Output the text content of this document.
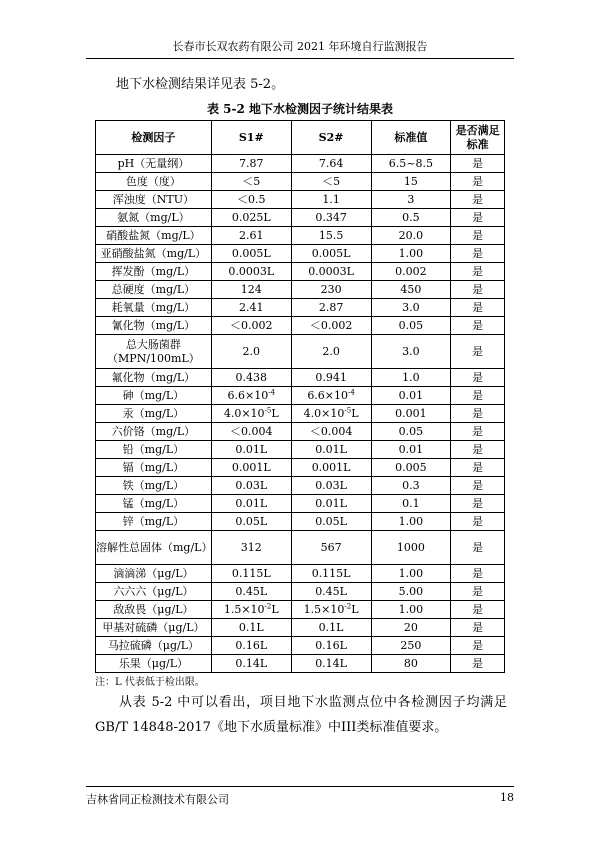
长春市长双农药有限公司 2021 年环境自行监测报告
地下水检测结果详见表 5-2。
表 5-2 地下水检测因子统计结果表
检测因子	S1#	S2#	标准值	是否满足标准
pH（无量纲）	7.87	7.64	6.5~8.5	是
色度（度）	＜5	＜5	15	是
浑浊度（NTU）	＜0.5	1.1	3	是
氨氮（mg/L）	0.025L	0.347	0.5	是
硝酸盐氮（mg/L）	2.61	15.5	20.0	是
亚硝酸盐氮（mg/L）	0.005L	0.005L	1.00	是
挥发酚（mg/L）	0.0003L	0.0003L	0.002	是
总硬度（mg/L）	124	230	450	是
耗氧量（mg/L）	2.41	2.87	3.0	是
氰化物（mg/L）	＜0.002	＜0.002	0.05	是
总大肠菌群（MPN/100mL）	2.0	2.0	3.0	是
氟化物（mg/L）	0.438	0.941	1.0	是
砷（mg/L）	$6.6\times 10^{-4}$	$6.6\times 10^{-4}$	0.01	是
汞（mg/L）	$4.0\times 10^{-5}L$	$4.0\times 10^{-5}L$	0.001	是
六价铬（mg/L）	＜0.004	＜0.004	0.05	是
铅（mg/L）	0.01L	0.01L	0.01	是
镉（mg/L）	0.001L	0.001L	0.005	是
铁（mg/L）	0.03L	0.03L	0.3	是
锰（mg/L）	0.01L	0.01L	0.1	是
锌（mg/L）	0.05L	0.05L	1.00	是
溶解性总固体（mg/L）	312	567	1000	是
滴滴涕（μg/L）	0.115L	0.115L	1.00	是
六六六（μg/L）	0.45L	0.45L	5.00	是
敌敌畏（μg/L）	$1.5\times 10^{-2}L$	$1.5\times 10^{-2}L$	1.00	是
甲基对硫磷（μg/L）	0.1L	0.1L	20	是
马拉硫磷（μg/L）	0.16L	0.16L	250	是
乐果（μg/L）	0.14L	0.14L	80	是
注：L 代表低于检出限。
从表 5-2 中可以看出，项目地下水监测点位中各检测因子均满足 GB/T 14848-2017《地下水质量标准》中III类标准值要求。
吉林省同正检测技术有限公司	18
